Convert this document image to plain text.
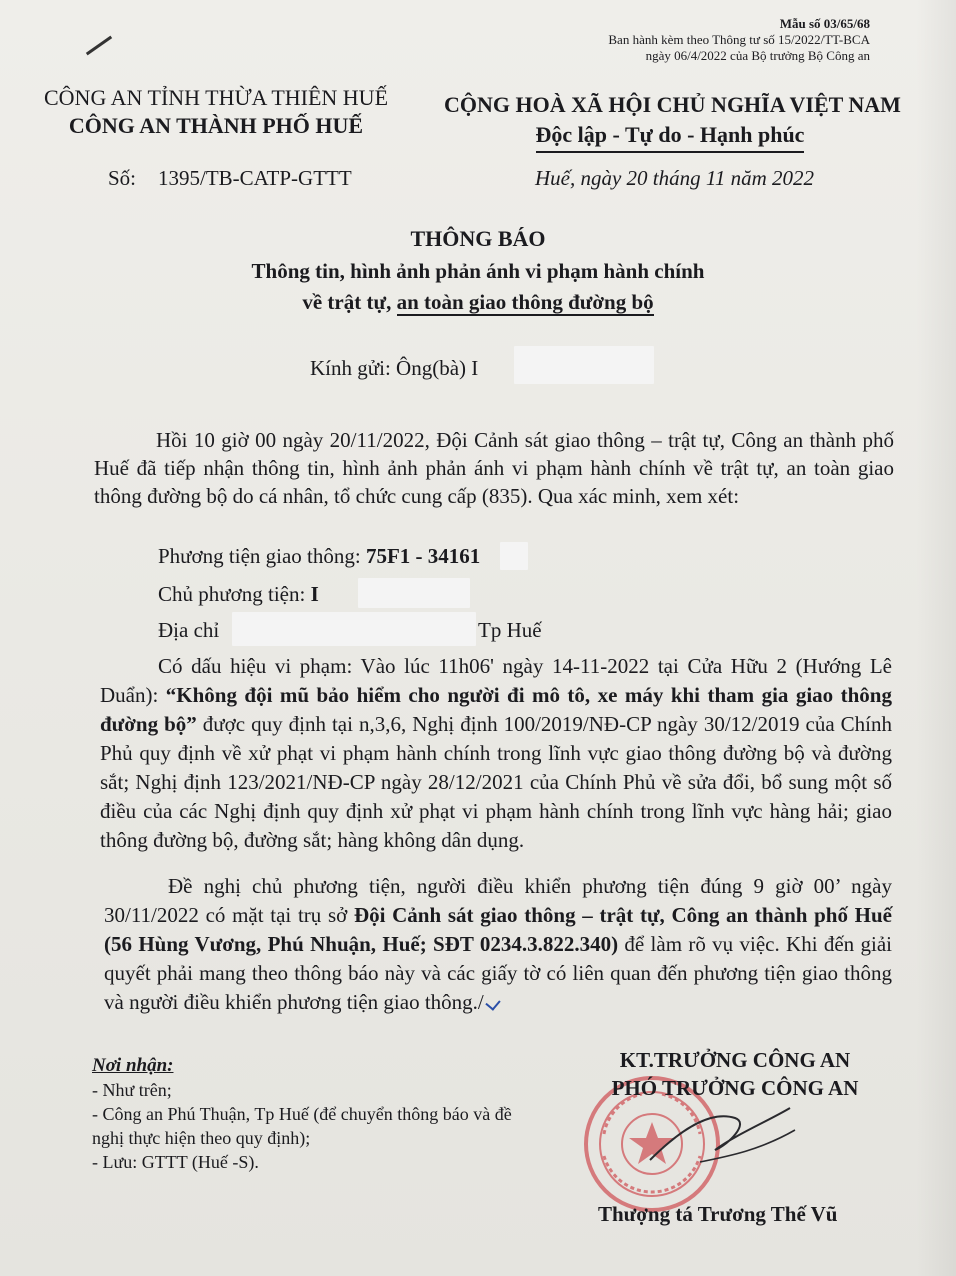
Mẫu số 03/65/68
Ban hành kèm theo Thông tư số 15/2022/TT-BCA
ngày 06/4/2022 của Bộ trưởng Bộ Công an
CÔNG AN TỈNH THỪA THIÊN HUẾ
CÔNG AN THÀNH PHỐ HUẾ
CỘNG HOÀ XÃ HỘI CHỦ NGHĨA VIỆT NAM
Độc lập - Tự do - Hạnh phúc
Số: 1395/TB-CATP-GTTT	Huế, ngày 20 tháng 11 năm 2022
THÔNG BÁO
Thông tin, hình ảnh phản ánh vi phạm hành chính
về trật tự, an toàn giao thông đường bộ
Kính gửi: Ông(bà) I
Hồi 10 giờ 00 ngày 20/11/2022, Đội Cảnh sát giao thông – trật tự, Công an thành phố Huế đã tiếp nhận thông tin, hình ảnh phản ánh vi phạm hành chính về trật tự, an toàn giao thông đường bộ do cá nhân, tổ chức cung cấp (835). Qua xác minh, xem xét:
Phương tiện giao thông: 75F1 - 34161
Chủ phương tiện: I
Địa chỉ	Tp Huế
Có dấu hiệu vi phạm: Vào lúc 11h06' ngày 14-11-2022 tại Cửa Hữu 2 (Hướng Lê Duẩn): “Không đội mũ bảo hiểm cho người đi mô tô, xe máy khi tham gia giao thông đường bộ” được quy định tại n,3,6, Nghị định 100/2019/NĐ-CP ngày 30/12/2019 của Chính Phủ quy định về xử phạt vi phạm hành chính trong lĩnh vực giao thông đường bộ và đường sắt; Nghị định 123/2021/NĐ-CP ngày 28/12/2021 của Chính Phủ về sửa đổi, bổ sung một số điều của các Nghị định quy định xử phạt vi phạm hành chính trong lĩnh vực hàng hải; giao thông đường bộ, đường sắt; hàng không dân dụng.
Đề nghị chủ phương tiện, người điều khiển phương tiện đúng 9 giờ 00’ ngày 30/11/2022 có mặt tại trụ sở Đội Cảnh sát giao thông – trật tự, Công an thành phố Huế (56 Hùng Vương, Phú Nhuận, Huế; SĐT 0234.3.822.340) để làm rõ vụ việc. Khi đến giải quyết phải mang theo thông báo này và các giấy tờ có liên quan đến phương tiện giao thông và người điều khiển phương tiện giao thông./
Nơi nhận:
- Như trên;
- Công an Phú Thuận, Tp Huế (để chuyển thông báo và đề nghị thực hiện theo quy định);
- Lưu: GTTT (Huế -S).
KT.TRƯỞNG CÔNG AN
PHÓ TRƯỞNG CÔNG AN
Thượng tá Trương Thế Vũ
